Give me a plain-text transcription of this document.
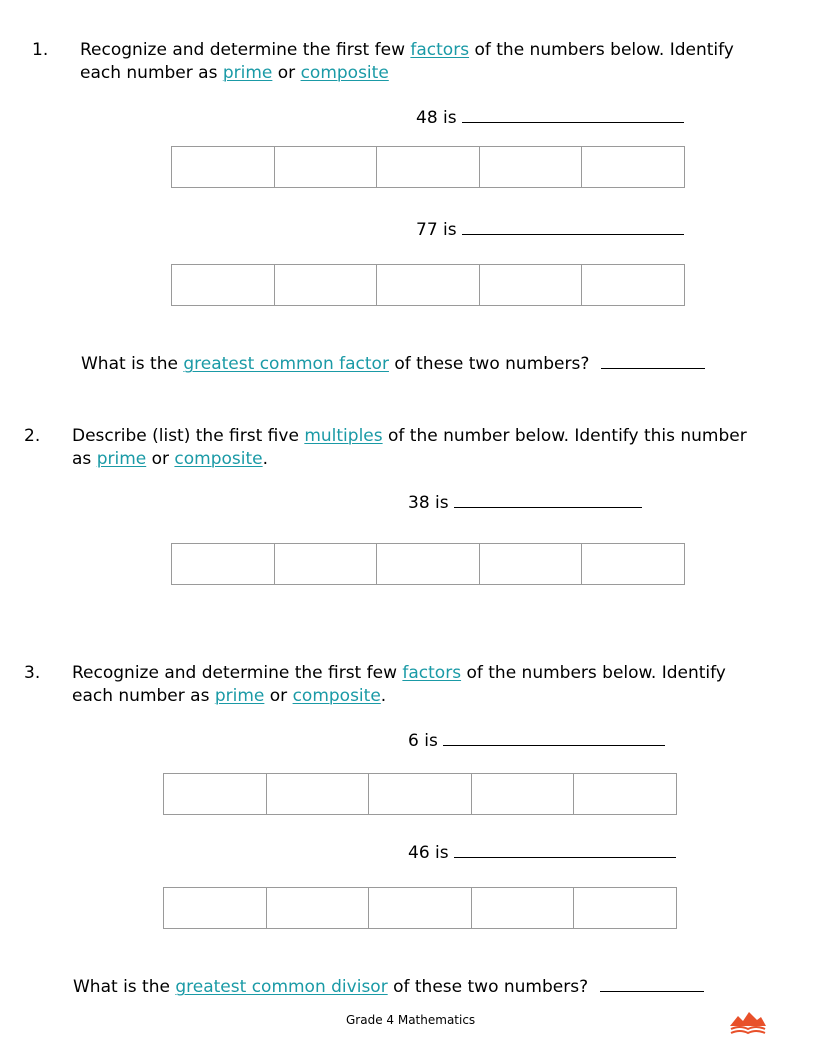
1. Recognize and determine the first few factors of the numbers below. Identify
each number as prime or composite
48 is
77 is
What is the greatest common factor of these two numbers?
2. Describe (list) the first five multiples of the number below. Identify this number
as prime or composite.
38 is
3. Recognize and determine the first few factors of the numbers below. Identify
each number as prime or composite.
6 is
46 is
What is the greatest common divisor of these two numbers?
Grade 4 Mathematics
